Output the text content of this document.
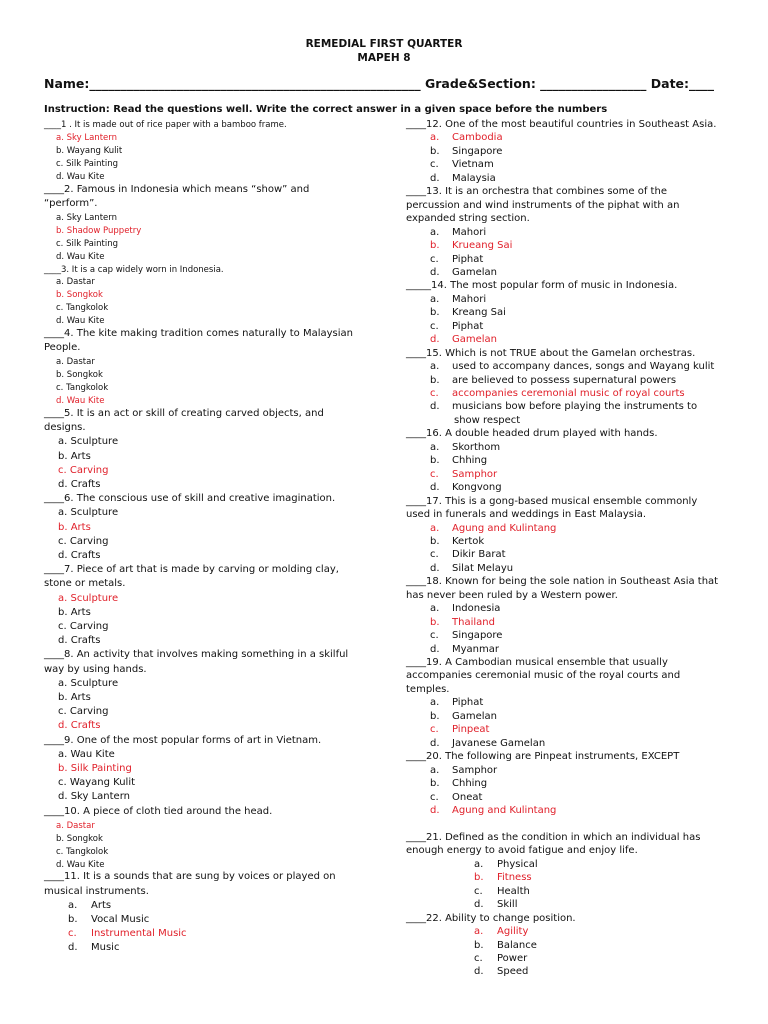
REMEDIAL FIRST QUARTER
MAPEH 8
Name:_____________________________________________________ Grade&Section: _________________ Date:____
Instruction: Read the questions well. Write the correct answer in a given space before the numbers
____1 . It is made out of rice paper with a bamboo frame.
a. Sky Lantern
b. Wayang Kulit
c. Silk Painting
d. Wau Kite
____2. Famous in Indonesia which means “show” and
“perform”.
a. Sky Lantern
b. Shadow Puppetry
c. Silk Painting
d. Wau Kite
____3. It is a cap widely worn in Indonesia.
a. Dastar
b. Songkok
c. Tangkolok
d. Wau Kite
____4. The kite making tradition comes naturally to Malaysian
People.
a. Dastar
b. Songkok
c. Tangkolok
d. Wau Kite
____5. It is an act or skill of creating carved objects, and
designs.
a. Sculpture
b. Arts
c. Carving
d. Crafts
____6. The conscious use of skill and creative imagination.
a. Sculpture
b. Arts
c. Carving
d. Crafts
____7. Piece of art that is made by carving or molding clay,
stone or metals.
a. Sculpture
b. Arts
c. Carving
d. Crafts
____8. An activity that involves making something in a skilful
way by using hands.
a. Sculpture
b. Arts
c. Carving
d. Crafts
____9. One of the most popular forms of art in Vietnam.
a. Wau Kite
b. Silk Painting
c. Wayang Kulit
d. Sky Lantern
____10. A piece of cloth tied around the head.
a. Dastar
b. Songkok
c. Tangkolok
d. Wau Kite
____11. It is a sounds that are sung by voices or played on
musical instruments.
a. Arts
b. Vocal Music
c. Instrumental Music
d. Music
____12. One of the most beautiful countries in Southeast Asia.
a. Cambodia
b. Singapore
c. Vietnam
d. Malaysia
____13. It is an orchestra that combines some of the
percussion and wind instruments of the piphat with an
expanded string section.
a. Mahori
b. Krueang Sai
c. Piphat
d. Gamelan
_____14. The most popular form of music in Indonesia.
a. Mahori
b. Kreang Sai
c. Piphat
d. Gamelan
____15. Which is not TRUE about the Gamelan orchestras.
a. used to accompany dances, songs and Wayang kulit
b. are believed to possess supernatural powers
c. accompanies ceremonial music of royal courts
d. musicians bow before playing the instruments to
show respect
____16. A double headed drum played with hands.
a. Skorthom
b. Chhing
c. Samphor
d. Kongvong
____17. This is a gong-based musical ensemble commonly
used in funerals and weddings in East Malaysia.
a. Agung and Kulintang
b. Kertok
c. Dikir Barat
d. Silat Melayu
____18. Known for being the sole nation in Southeast Asia that
has never been ruled by a Western power.
a. Indonesia
b. Thailand
c. Singapore
d. Myanmar
____19. A Cambodian musical ensemble that usually
accompanies ceremonial music of the royal courts and
temples.
a. Piphat
b. Gamelan
c. Pinpeat
d. Javanese Gamelan
____20. The following are Pinpeat instruments, EXCEPT
a. Samphor
b. Chhing
c. Oneat
d. Agung and Kulintang
____21. Defined as the condition in which an individual has
enough energy to avoid fatigue and enjoy life.
a. Physical
b. Fitness
c. Health
d. Skill
____22. Ability to change position.
a. Agility
b. Balance
c. Power
d. Speed
